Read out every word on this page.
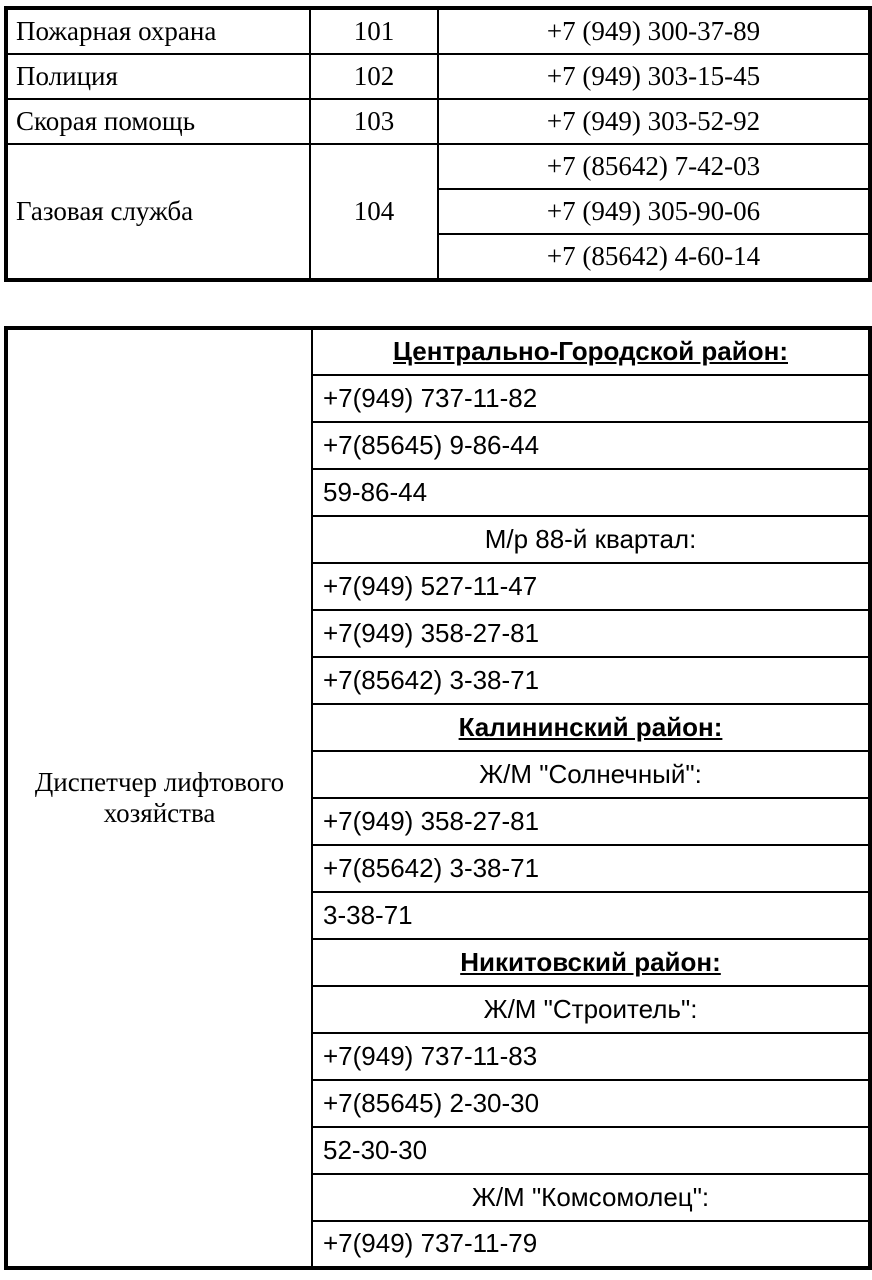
Пожарная охрана	101	+7 (949) 300-37-89
Полиция	102	+7 (949) 303-15-45
Скорая помощь	103	+7 (949) 303-52-92
Газовая служба	104	+7 (85642) 7-42-03
		+7 (949) 305-90-06
		+7 (85642) 4-60-14
Диспетчер лифтового хозяйства	Центрально-Городской район:
+7(949) 737-11-82
+7(85645) 9-86-44
59-86-44
М/р 88-й квартал:
+7(949) 527-11-47
+7(949) 358-27-81
+7(85642) 3-38-71
Калининский район:
Ж/М "Солнечный":
+7(949) 358-27-81
+7(85642) 3-38-71
3-38-71
Никитовский район:
Ж/М "Строитель":
+7(949) 737-11-83
+7(85645) 2-30-30
52-30-30
Ж/М "Комсомолец":
+7(949) 737-11-79
